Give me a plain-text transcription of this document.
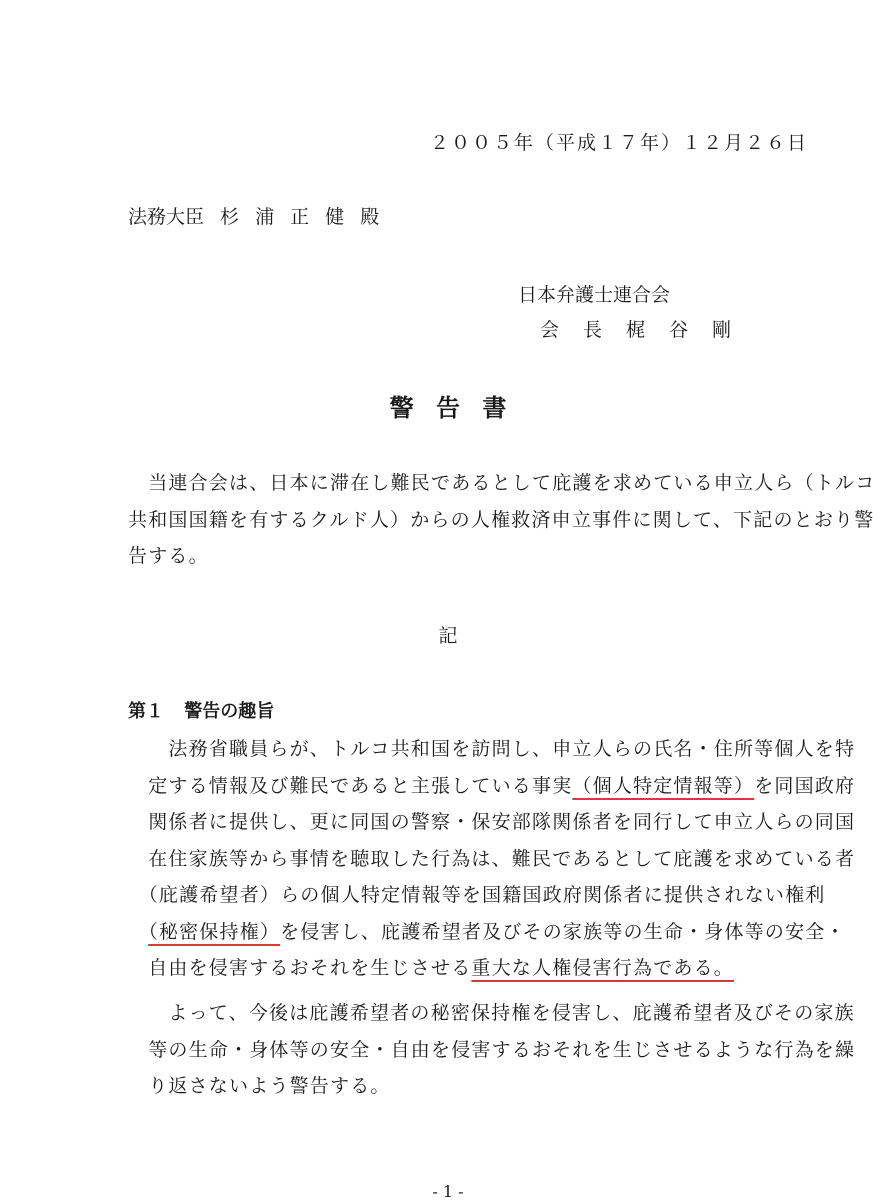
２００５年（平成１７年）１２月２６日
法務大臣 杉 浦 正 健 殿
日本弁護士連合会
会 長 梶 谷 剛
警 告 書
　当連合会は、日本に滞在し難民であるとして庇護を求めている申立人ら（トルコ
共和国国籍を有するクルド人）からの人権救済申立事件に関して、下記のとおり警
告する。
記
第１ 警告の趣旨
　　法務省職員らが、トルコ共和国を訪問し、申立人らの氏名・住所等個人を特
　定する情報及び難民であると主張している事実（個人特定情報等）を同国政府
　関係者に提供し、更に同国の警察・保安部隊関係者を同行して申立人らの同国
　在住家族等から事情を聴取した行為は、難民であるとして庇護を求めている者
　（庇護希望者）らの個人特定情報等を国籍国政府関係者に提供されない権利
　（秘密保持権）を侵害し、庇護希望者及びその家族等の生命・身体等の安全・
　自由を侵害するおそれを生じさせる重大な人権侵害行為である。
　　よって、今後は庇護希望者の秘密保持権を侵害し、庇護希望者及びその家族
　等の生命・身体等の安全・自由を侵害するおそれを生じさせるような行為を繰
　り返さないよう警告する。
- 1 -
